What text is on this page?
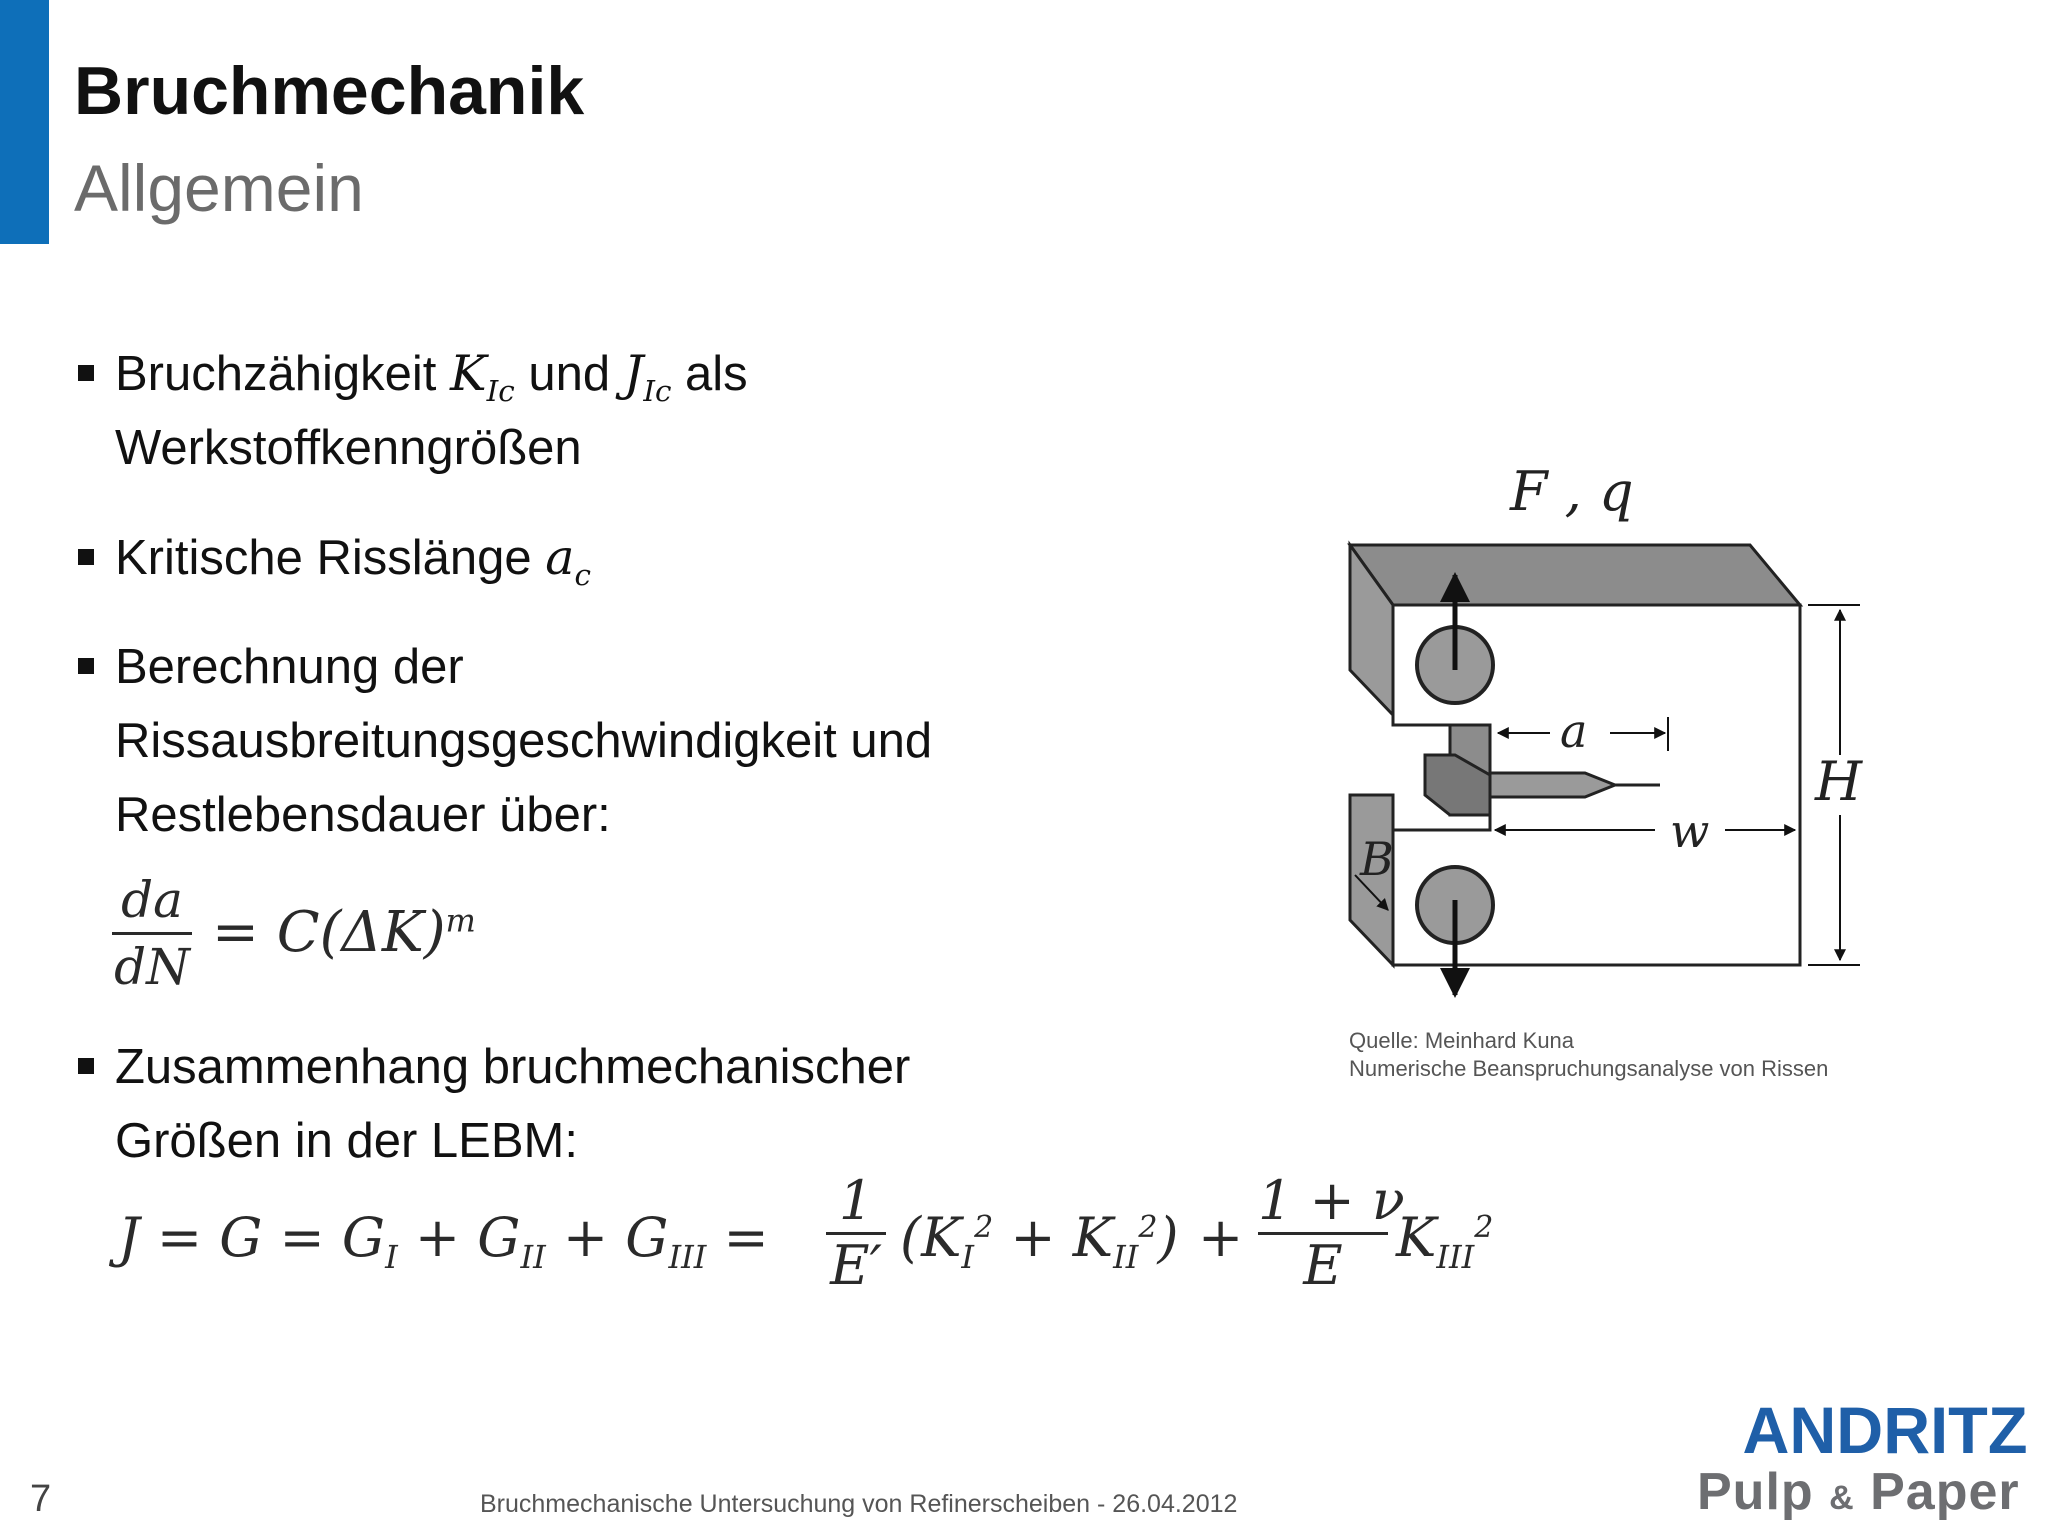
Bruchmechanik
Allgemein
Bruchzähigkeit $K_{Ic}$ und $J_{Ic}$ als
Werkstoffkenngrößen
Kritische Risslänge $a_c$
Berechnung der
Rissausbreitungsgeschwindigkeit und
Restlebensdauer über:
da
dN
= $C(\Delta K)^m$
Zusammenhang bruchmechanischer
Größen in der LEBM:
$J = G = G_I + G_{II} + G_{III}$ =
1
E′ $(K_I^2 + K_{II}^2)$ +
1 + ν
E $K_{III}^2$
F , q
a
w
H
B
Quelle: Meinhard Kuna
Numerische Beanspruchungsanalyse von Rissen
7	Bruchmechanische Untersuchung von Refinerscheiben - 26.04.2012
ANDRITZ
Pulp & Paper
